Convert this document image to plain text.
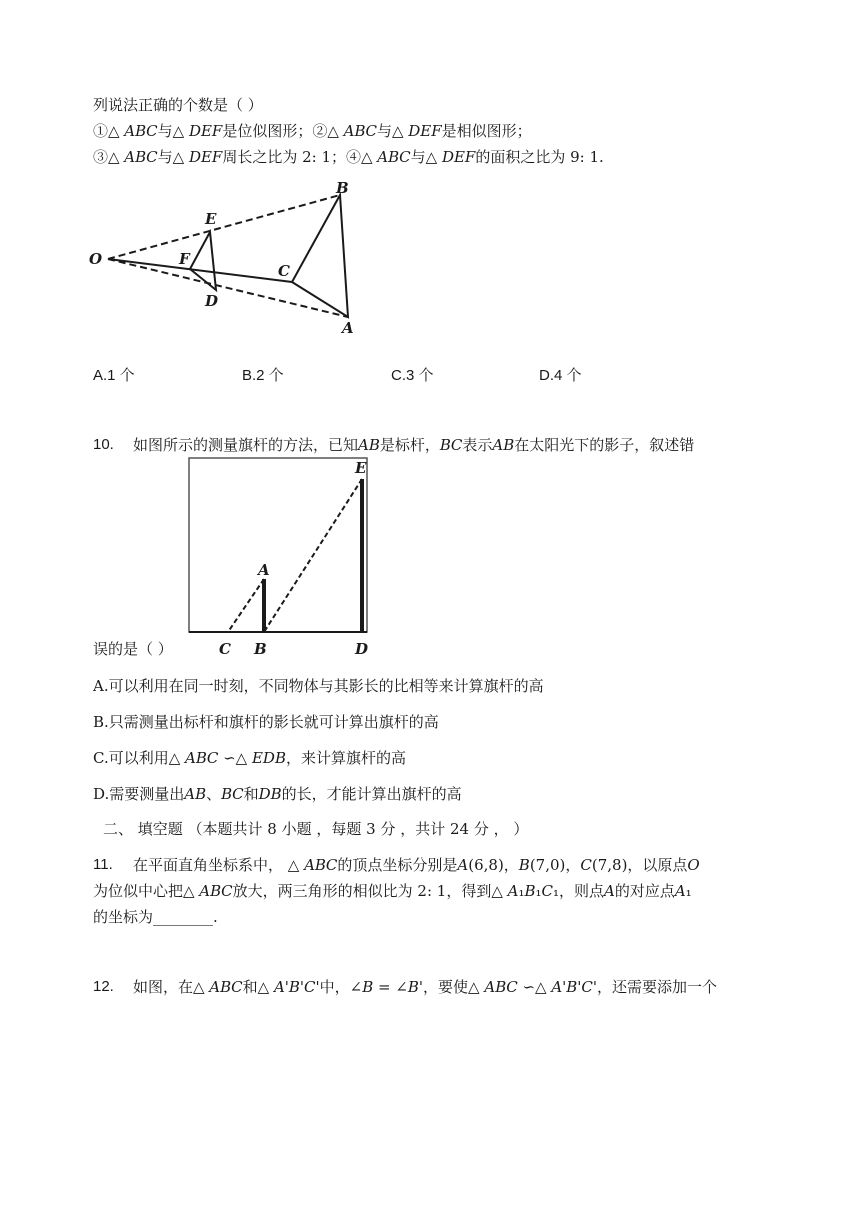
列说法正确的个数是（ ）
①△ 𝐴𝐵𝐶与△ 𝐷𝐸𝐹是位似图形；②△ 𝐴𝐵𝐶与△ 𝐷𝐸𝐹是相似图形；
③△ 𝐴𝐵𝐶与△ 𝐷𝐸𝐹周长之比为 2: 1；④△ 𝐴𝐵𝐶与△ 𝐷𝐸𝐹的面积之比为 9: 1.
O
E
F
D
C
B
A
A.1 个	B.2 个	C.3 个	D.4 个
10. 如图所示的测量旗杆的方法，已知𝐴𝐵是标杆，𝐵𝐶表示𝐴𝐵在太阳光下的影子，叙述错
A
B
C	D
E
误的是（ ）
A.可以利用在同一时刻，不同物体与其影长的比相等来计算旗杆的高
B.只需测量出标杆和旗杆的影长就可计算出旗杆的高
C.可以利用△ 𝐴𝐵𝐶 ∽△ 𝐸𝐷𝐵，来计算旗杆的高
D.需要测量出𝐴𝐵、𝐵𝐶和𝐷𝐵的长，才能计算出旗杆的高
二、 填空题 （本题共计 8 小题 ，每题 3 分 ，共计 24 分 ， ）
11. 在平面直角坐标系中， △ 𝐴𝐵𝐶的顶点坐标分别是𝐴(6,8)，𝐵(7,0)，𝐶(7,8)，以原点𝑂
为位似中心把△ 𝐴𝐵𝐶放大，两三角形的相似比为 2: 1，得到△ 𝐴₁𝐵₁𝐶₁，则点𝐴的对应点𝐴₁
的坐标为________.
12. 如图，在△ 𝐴𝐵𝐶和△ 𝐴'𝐵'𝐶'中，∠𝐵 = ∠𝐵'，要使△ 𝐴𝐵𝐶 ∽△ 𝐴'𝐵'𝐶'，还需要添加一个
